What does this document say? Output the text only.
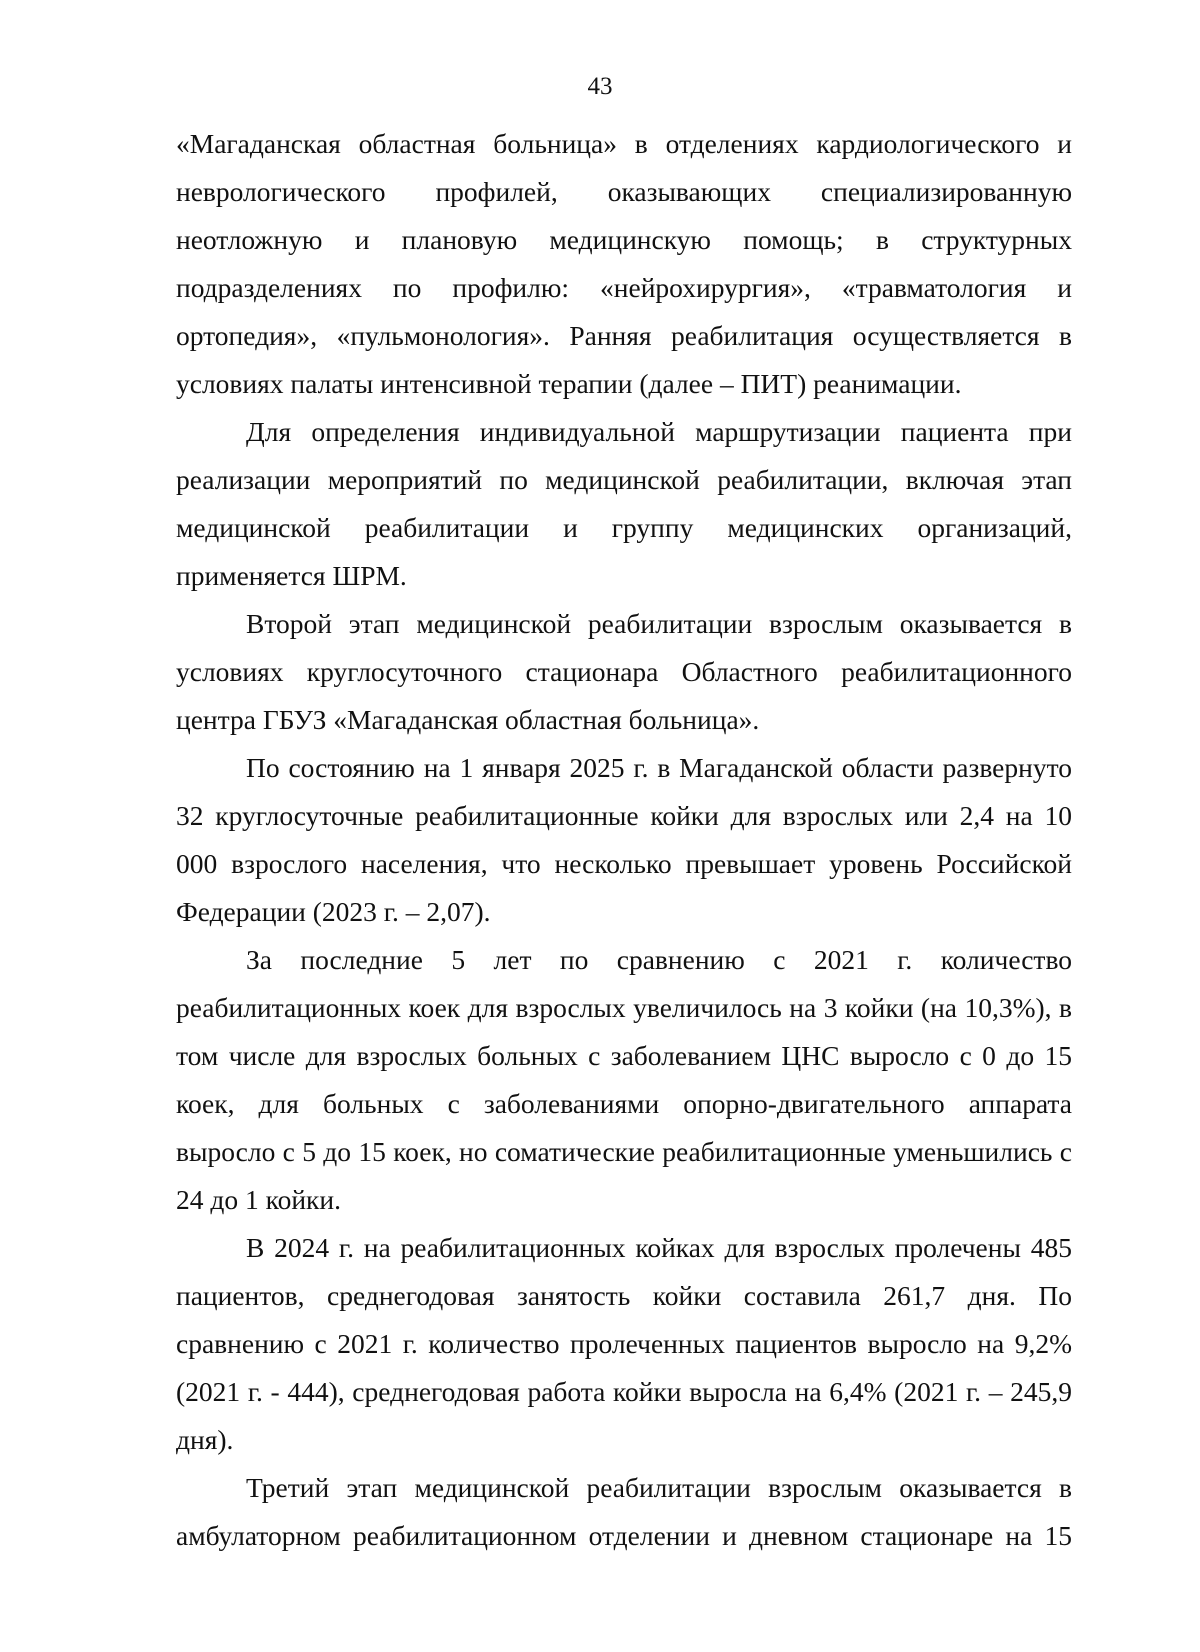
43

«Магаданская областная больница» в отделениях кардиологического и неврологического профилей, оказывающих специализированную неотложную и плановую медицинскую помощь; в структурных подразделениях по профилю: «нейрохирургия», «травматология и ортопедия», «пульмонология». Ранняя реабилитация осуществляется в условиях палаты интенсивной терапии (далее – ПИТ) реанимации.

Для определения индивидуальной маршрутизации пациента при реализации мероприятий по медицинской реабилитации, включая этап медицинской реабилитации и группу медицинских организаций, применяется ШРМ.

Второй этап медицинской реабилитации взрослым оказывается в условиях круглосуточного стационара Областного реабилитационного центра ГБУЗ «Магаданская областная больница».

По состоянию на 1 января 2025 г. в Магаданской области развернуто 32 круглосуточные реабилитационные койки для взрослых или 2,4 на 10 000 взрослого населения, что несколько превышает уровень Российской Федерации (2023 г. – 2,07).

За последние 5 лет по сравнению с 2021 г. количество реабилитационных коек для взрослых увеличилось на 3 койки (на 10,3%), в том числе для взрослых больных с заболеванием ЦНС выросло с 0 до 15 коек, для больных с заболеваниями опорно-двигательного аппарата выросло с 5 до 15 коек, но соматические реабилитационные уменьшились с 24 до 1 койки.

В 2024 г. на реабилитационных койках для взрослых пролечены 485 пациентов, среднегодовая занятость койки составила 261,7 дня. По сравнению с 2021 г. количество пролеченных пациентов выросло на 9,2% (2021 г. - 444), среднегодовая работа койки выросла на 6,4% (2021 г. – 245,9 дня).

Третий этап медицинской реабилитации взрослым оказывается в амбулаторном реабилитационном отделении и дневном стационаре на 15
